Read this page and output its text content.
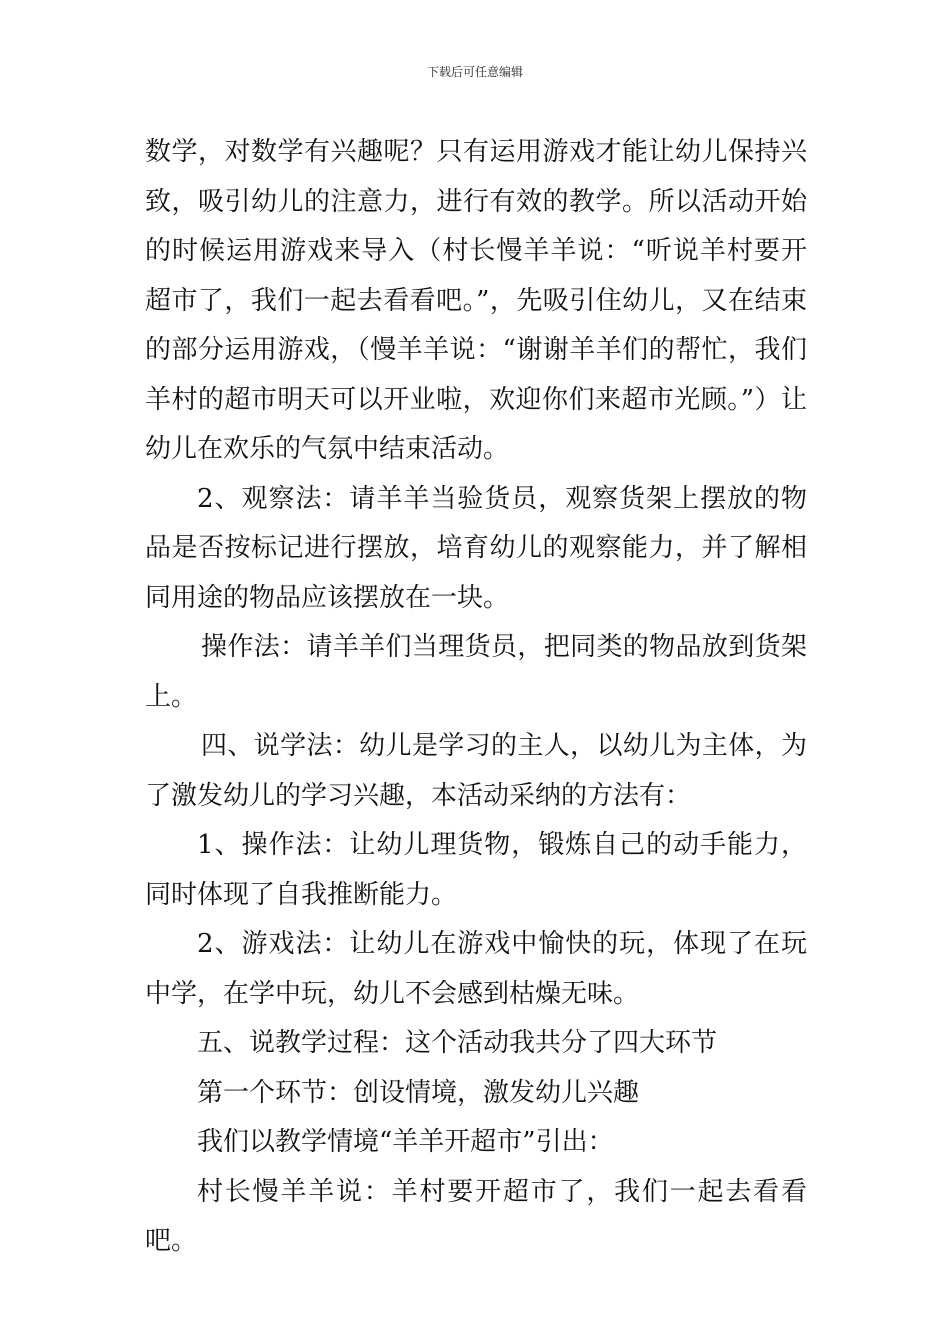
下载后可任意编辑

数学，对数学有兴趣呢？只有运用游戏才能让幼儿保持兴致，吸引幼儿的注意力，进行有效的教学。所以活动开始的时候运用游戏来导入（村长慢羊羊说：“听说羊村要开超市了，我们一起去看看吧。”，先吸引住幼儿，又在结束的部分运用游戏，（慢羊羊说：“谢谢羊羊们的帮忙，我们羊村的超市明天可以开业啦，欢迎你们来超市光顾。”）让幼儿在欢乐的气氛中结束活动。

2、观察法：请羊羊当验货员，观察货架上摆放的物品是否按标记进行摆放，培育幼儿的观察能力，并了解相同用途的物品应该摆放在一块。

操作法：请羊羊们当理货员，把同类的物品放到货架上。

四、说学法：幼儿是学习的主人，以幼儿为主体，为了激发幼儿的学习兴趣，本活动采纳的方法有：

1、操作法：让幼儿理货物，锻炼自己的动手能力，同时体现了自我推断能力。

2、游戏法：让幼儿在游戏中愉快的玩，体现了在玩中学，在学中玩，幼儿不会感到枯燥无味。

五、说教学过程：这个活动我共分了四大环节

第一个环节：创设情境，激发幼儿兴趣

我们以教学情境“羊羊开超市”引出：

村长慢羊羊说：羊村要开超市了，我们一起去看看吧。
